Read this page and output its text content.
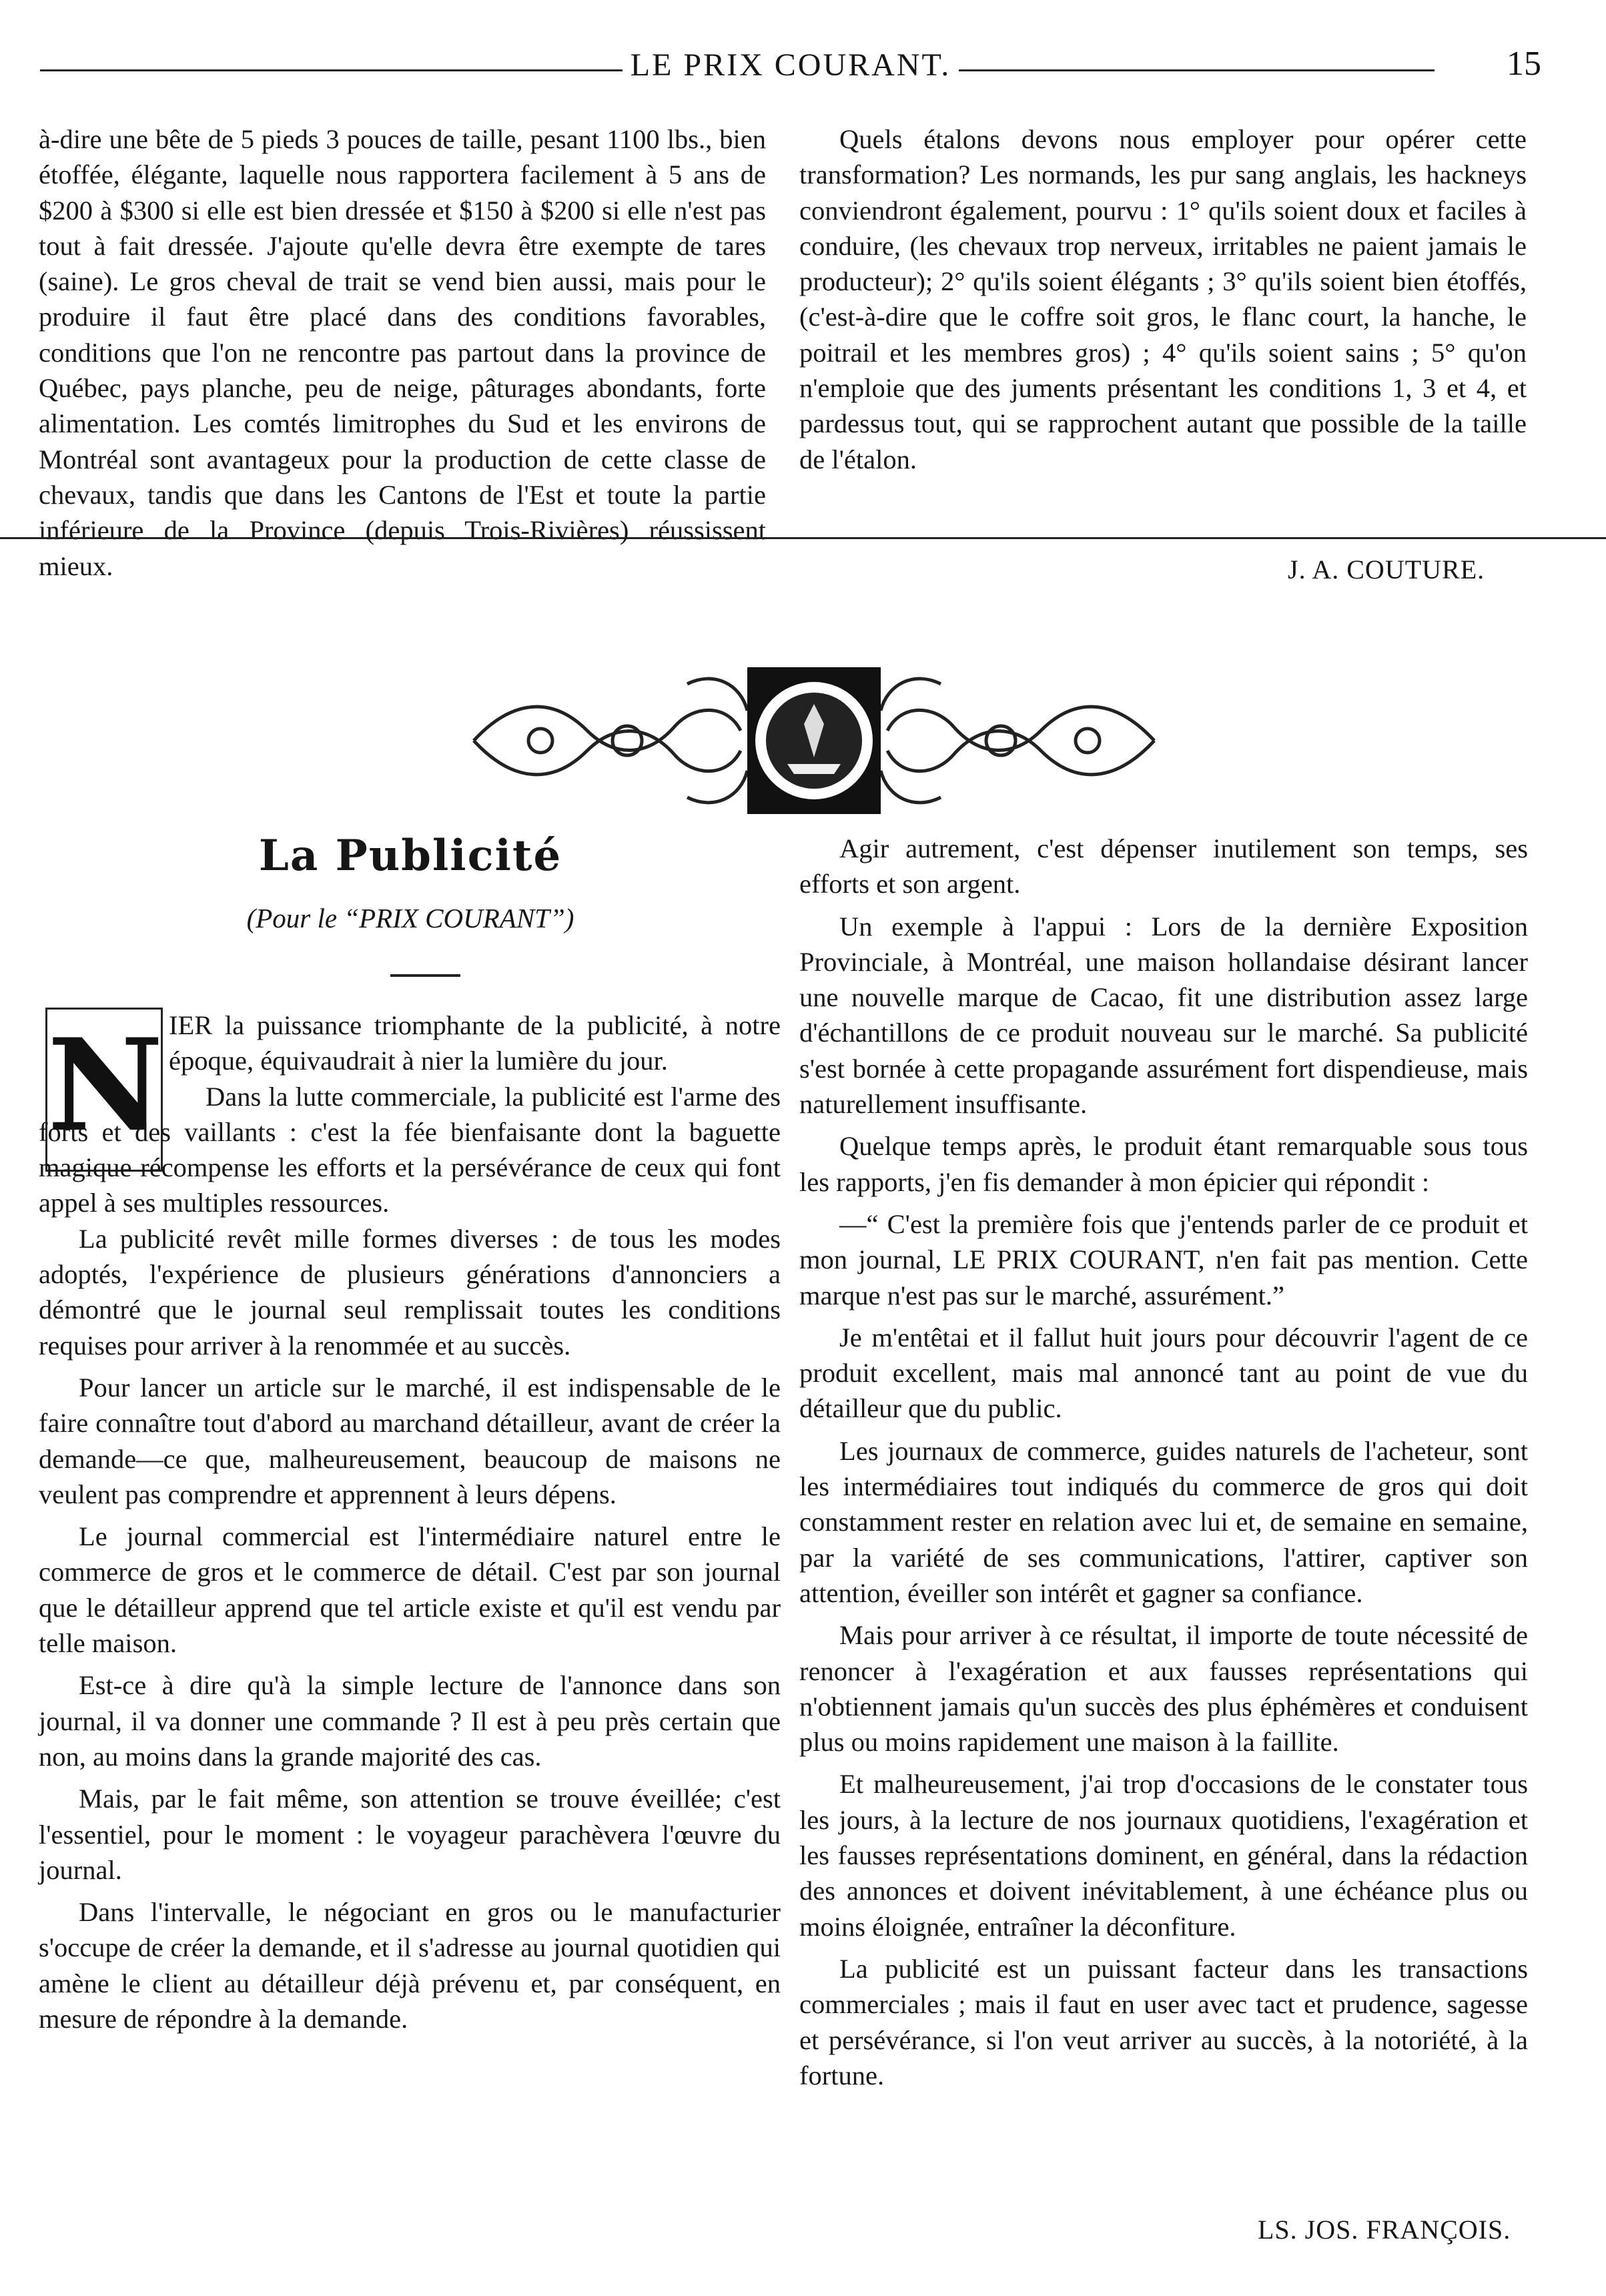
LE PRIX COURANT.	15

à-dire une bête de 5 pieds 3 pouces de taille, pesant 1100 lbs., bien étoffée, élégante, laquelle nous rapportera facilement à 5 ans de $200 à $300 si elle est bien dressée et $150 à $200 si elle n'est pas tout à fait dressée. J'ajoute qu'elle devra être exempte de tares (saine). Le gros cheval de trait se vend bien aussi, mais pour le produire il faut être placé dans des conditions favorables, conditions que l'on ne rencontre pas partout dans la province de Québec, pays planche, peu de neige, pâturages abondants, forte alimentation. Les comtés limitrophes du Sud et les environs de Montréal sont avantageux pour la production de cette classe de chevaux, tandis que dans les Cantons de l'Est et toute la partie inférieure de la Province (depuis Trois-Rivières) réussissent mieux.

Quels étalons devons nous employer pour opérer cette transformation? Les normands, les pur sang anglais, les hackneys conviendront également, pourvu : 1° qu'ils soient doux et faciles à conduire, (les chevaux trop nerveux, irritables ne paient jamais le producteur); 2° qu'ils soient élégants ; 3° qu'ils soient bien étoffés, (c'est-à-dire que le coffre soit gros, le flanc court, la hanche, le poitrail et les membres gros) ; 4° qu'ils soient sains ; 5° qu'on n'emploie que des juments présentant les conditions 1, 3 et 4, et pardessus tout, qui se rapprochent autant que possible de la taille de l'étalon.

J. A. COUTURE.
La Publicité
(Pour le “PRIX COURANT”)
N IER la puissance triomphante de la publicité, à notre époque, équivaudrait à nier la lumière du jour.

Dans la lutte commerciale, la publicité est l'arme des forts et des vaillants : c'est la fée bienfaisante dont la baguette magique récompense les efforts et la persévérance de ceux qui font appel à ses multiples ressources.

La publicité revêt mille formes diverses : de tous les modes adoptés, l'expérience de plusieurs générations d'annonciers a démontré que le journal seul remplissait toutes les conditions requises pour arriver à la renommée et au succès.

Pour lancer un article sur le marché, il est indispensable de le faire connaître tout d'abord au marchand détailleur, avant de créer la demande—ce que, malheureusement, beaucoup de maisons ne veulent pas comprendre et apprennent à leurs dépens.

Le journal commercial est l'intermédiaire naturel entre le commerce de gros et le commerce de détail. C'est par son journal que le détailleur apprend que tel article existe et qu'il est vendu par telle maison.

Est-ce à dire qu'à la simple lecture de l'annonce dans son journal, il va donner une commande ? Il est à peu près certain que non, au moins dans la grande majorité des cas.

Mais, par le fait même, son attention se trouve éveillée; c'est l'essentiel, pour le moment : le voyageur parachèvera l'œuvre du journal.

Dans l'intervalle, le négociant en gros ou le manufacturier s'occupe de créer la demande, et il s'adresse au journal quotidien qui amène le client au détailleur déjà prévenu et, par conséquent, en mesure de répondre à la demande.

Agir autrement, c'est dépenser inutilement son temps, ses efforts et son argent.

Un exemple à l'appui : Lors de la dernière Exposition Provinciale, à Montréal, une maison hollandaise désirant lancer une nouvelle marque de Cacao, fit une distribution assez large d'échantillons de ce produit nouveau sur le marché. Sa publicité s'est bornée à cette propagande assurément fort dispendieuse, mais naturellement insuffisante.

Quelque temps après, le produit étant remarquable sous tous les rapports, j'en fis demander à mon épicier qui répondit :

—“ C'est la première fois que j'entends parler de ce produit et mon journal, LE PRIX COURANT, n'en fait pas mention. Cette marque n'est pas sur le marché, assurément.”

Je m'entêtai et il fallut huit jours pour découvrir l'agent de ce produit excellent, mais mal annoncé tant au point de vue du détailleur que du public.

Les journaux de commerce, guides naturels de l'acheteur, sont les intermédiaires tout indiqués du commerce de gros qui doit constamment rester en relation avec lui et, de semaine en semaine, par la variété de ses communications, l'attirer, captiver son attention, éveiller son intérêt et gagner sa confiance.

Mais pour arriver à ce résultat, il importe de toute nécessité de renoncer à l'exagération et aux fausses représentations qui n'obtiennent jamais qu'un succès des plus éphémères et conduisent plus ou moins rapidement une maison à la faillite.

Et malheureusement, j'ai trop d'occasions de le constater tous les jours, à la lecture de nos journaux quotidiens, l'exagération et les fausses représentations dominent, en général, dans la rédaction des annonces et doivent inévitablement, à une échéance plus ou moins éloignée, entraîner la déconfiture.

La publicité est un puissant facteur dans les transactions commerciales ; mais il faut en user avec tact et prudence, sagesse et persévérance, si l'on veut arriver au succès, à la notoriété, à la fortune.

LS. JOS. FRANÇOIS.
